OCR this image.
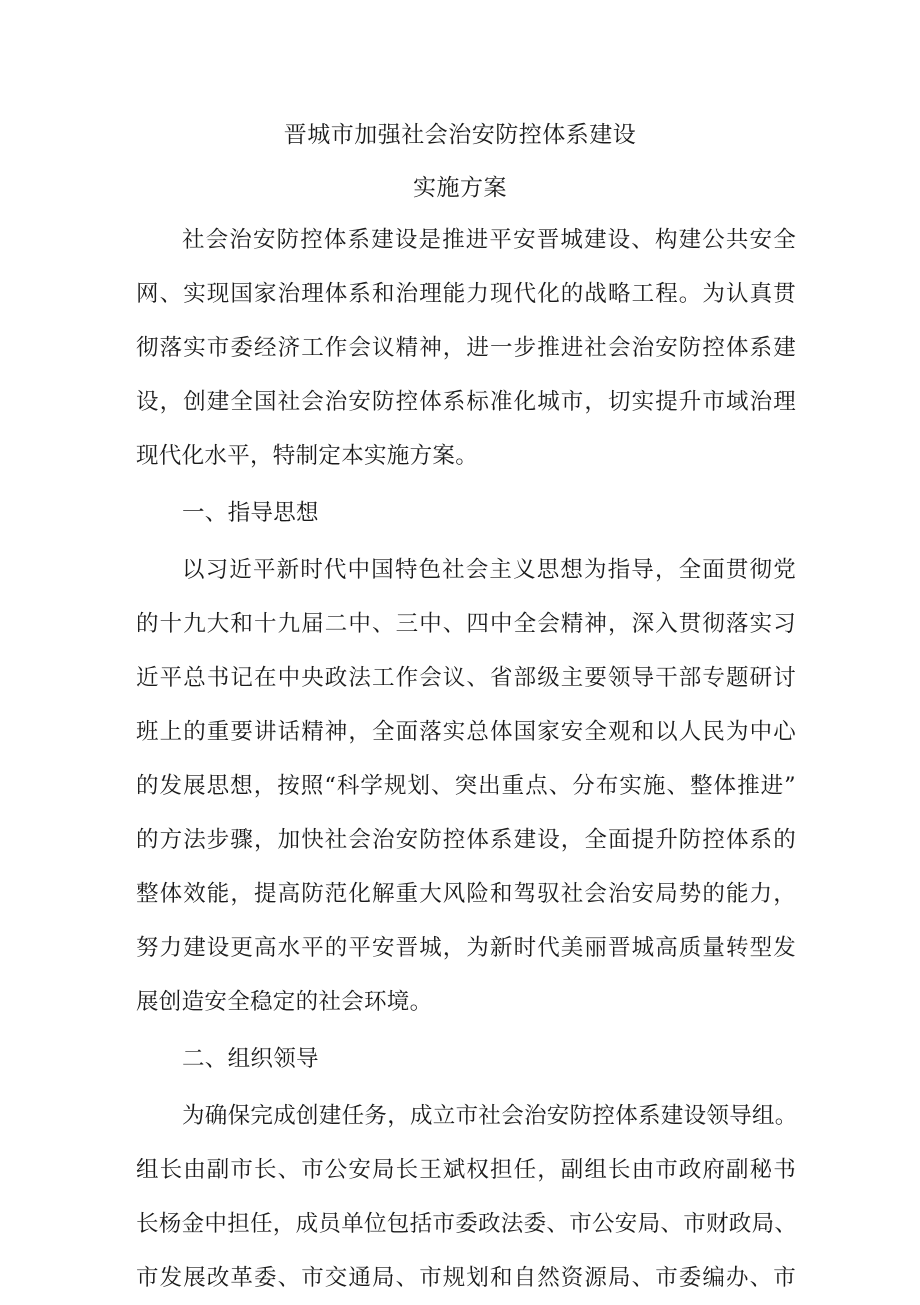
晋城市加强社会治安防控体系建设
实施方案
社会治安防控体系建设是推进平安晋城建设、构建公共安全
网、实现国家治理体系和治理能力现代化的战略工程。为认真贯
彻落实市委经济工作会议精神，进一步推进社会治安防控体系建
设，创建全国社会治安防控体系标准化城市，切实提升市域治理
现代化水平，特制定本实施方案。
一、指导思想
以习近平新时代中国特色社会主义思想为指导，全面贯彻党
的十九大和十九届二中、三中、四中全会精神，深入贯彻落实习
近平总书记在中央政法工作会议、省部级主要领导干部专题研讨
班上的重要讲话精神，全面落实总体国家安全观和以人民为中心
的发展思想，按照“科学规划、突出重点、分布实施、整体推进”
的方法步骤，加快社会治安防控体系建设，全面提升防控体系的
整体效能，提高防范化解重大风险和驾驭社会治安局势的能力，
努力建设更高水平的平安晋城，为新时代美丽晋城高质量转型发
展创造安全稳定的社会环境。
二、组织领导
为确保完成创建任务，成立市社会治安防控体系建设领导组。
组长由副市长、市公安局长王斌权担任，副组长由市政府副秘书
长杨金中担任，成员单位包括市委政法委、市公安局、市财政局、
市发展改革委、市交通局、市规划和自然资源局、市委编办、市
